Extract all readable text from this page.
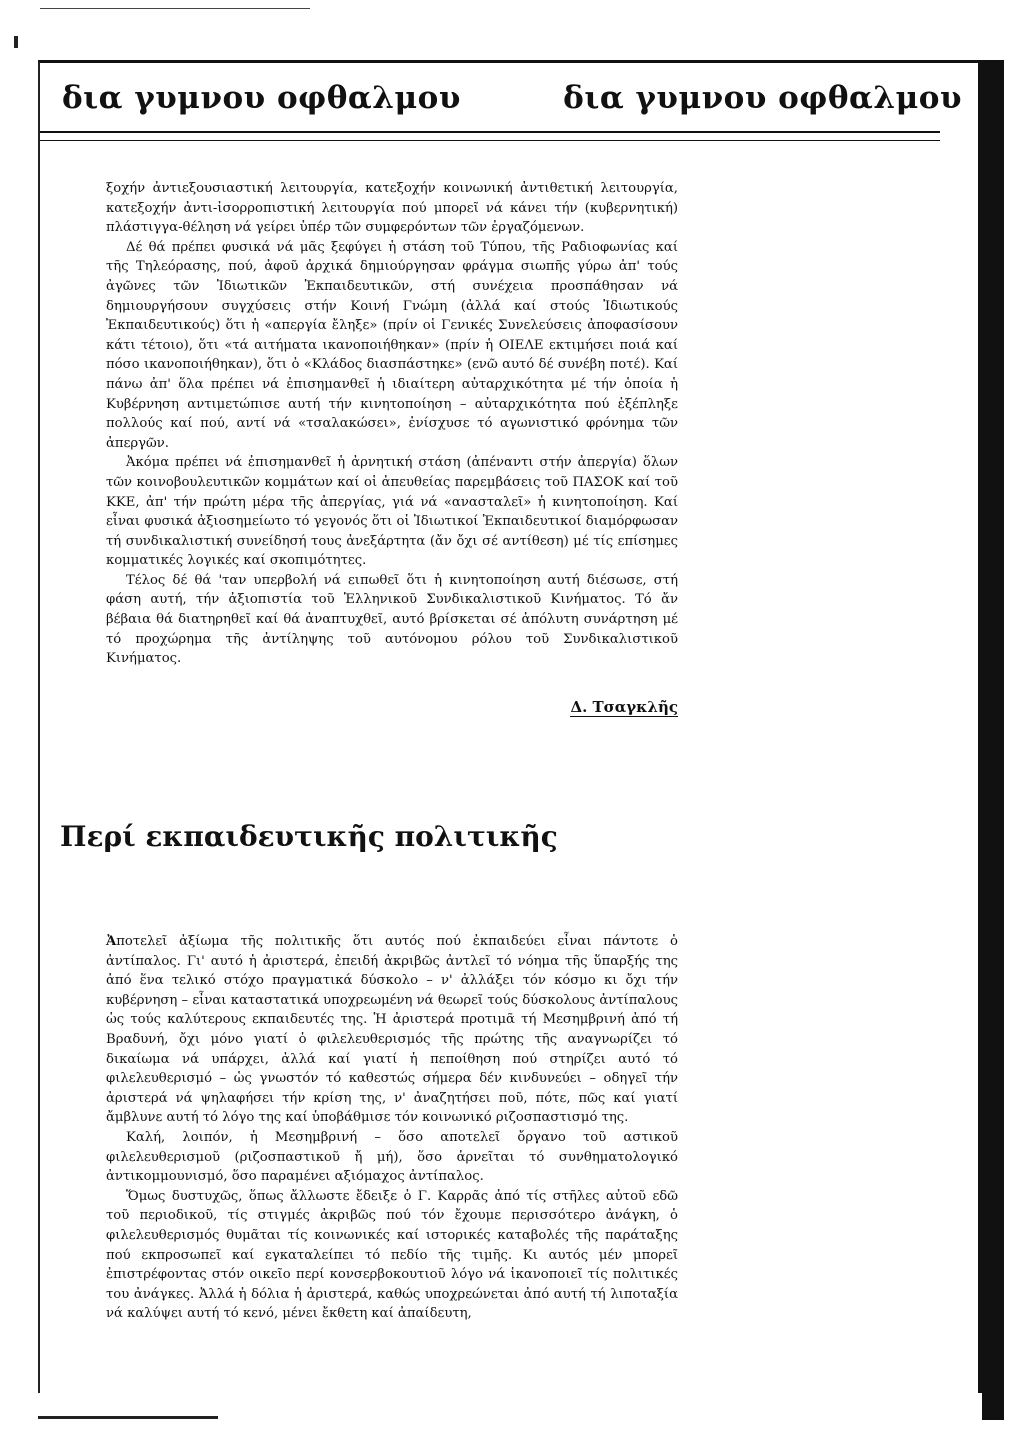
δια γυμνου οφθαλμου	δια γυμνου οφθαλμου

ξοχήν ἀντιεξουσιαστική λειτουργία, κατεξοχήν κοινωνική ἀντιθετική λειτουργία, κατεξοχήν ἀντι-ἰσορροπιστική λειτουργία πού μπορεῖ νά κάνει τήν (κυβερνητική) πλάστιγγα-θέληση νά γείρει ὑπέρ τῶν συμφερόντων τῶν ἐργαζόμενων.

Δέ θά πρέπει φυσικά νά μᾶς ξεφύγει ἡ στάση τοῦ Τύπου, τῆς Ραδιοφωνίας καί τῆς Τηλεόρασης, πού, ἀφοῦ ἀρχικά δημιούργησαν φράγμα σιωπῆς γύρω ἀπ' τούς ἀγῶνες τῶν Ἰδιωτικῶν Ἐκπαιδευτικῶν, στή συνέχεια προσπάθησαν νά δημιουργήσουν συγχύσεις στήν Κοινή Γνώμη (ἀλλά καί στούς Ἰδιωτικούς Ἐκπαιδευτικούς) ὅτι ἡ «απεργία ἔληξε» (πρίν οἱ Γενικές Συνελεύσεις ἀποφασίσουν κάτι τέτοιο), ὅτι «τά αιτήματα ικανοποιήθηκαν» (πρίν ἡ ΟΙΕΛΕ εκτιμήσει ποιά καί πόσο ικανοποιήθηκαν), ὅτι ὁ «Κλάδος διασπάστηκε» (ενῶ αυτό δέ συνέβη ποτέ). Καί πάνω ἀπ' ὅλα πρέπει νά ἐπισημανθεῖ ἡ ιδιαίτερη αὐταρχικότητα μέ τήν ὁποία ἡ Κυβέρνηση αντιμετώπισε αυτή τήν κινητοποίηση – αὐταρχικότητα πού ἐξέπληξε πολλούς καί πού, αντί νά «τσαλακώσει», ἐνίσχυσε τό αγωνιστικό φρόνημα τῶν ἀπεργῶν.

Ἀκόμα πρέπει νά ἐπισημανθεῖ ἡ ἀρνητική στάση (ἀπέναντι στήν ἀπεργία) ὅλων τῶν κοινοβουλευτικῶν κομμάτων καί οἱ ἀπευθείας παρεμβάσεις τοῦ ΠΑΣΟΚ καί τοῦ ΚΚΕ, ἀπ' τήν πρώτη μέρα τῆς ἀπεργίας, γιά νά «ανασταλεῖ» ἡ κινητοποίηση. Καί εἶναι φυσικά ἀξιοσημείωτο τό γεγονός ὅτι οἱ Ἰδιωτικοί Ἐκπαιδευτικοί διαμόρφωσαν τή συνδικαλιστική συνείδησή τους ἀνεξάρτητα (ἄν ὄχι σέ αντίθεση) μέ τίς επίσημες κομματικές λογικές καί σκοπιμότητες.

Τέλος δέ θά 'ταν υπερβολή νά ειπωθεῖ ὅτι ἡ κινητοποίηση αυτή διέσωσε, στή φάση αυτή, τήν ἀξιοπιστία τοῦ Ἑλληνικοῦ Συνδικαλιστικοῦ Κινήματος. Τό ἄν βέβαια θά διατηρηθεῖ καί θά ἀναπτυχθεῖ, αυτό βρίσκεται σέ ἀπόλυτη συνάρτηση μέ τό προχώρημα τῆς ἀντίληψης τοῦ αυτόνομου ρόλου τοῦ Συνδικαλιστικοῦ Κινήματος.

Δ. Τσαγκλῆς
Περί εκπαιδευτικῆς πολιτικῆς

Ἀποτελεῖ ἀξίωμα τῆς πολιτικῆς ὅτι αυτός πού ἐκπαιδεύει εἶναι πάντοτε ὁ ἀντίπαλος. Γι' αυτό ἡ ἀριστερά, ἐπειδή ἀκριβῶς ἀντλεῖ τό νόημα τῆς ὕπαρξής της ἀπό ἕνα τελικό στόχο πραγματικά δύσκολο – ν' ἀλλάξει τόν κόσμο κι ὄχι τήν κυβέρνηση – εἶναι καταστατικά υποχρεωμένη νά θεωρεῖ τούς δύσκολους ἀντίπαλους ὡς τούς καλύτερους εκπαιδευτές της. Ἡ ἀριστερά προτιμᾶ τή Μεσημβρινή ἀπό τή Βραδυνή, ὄχι μόνο γιατί ὁ φιλελευθερισμός τῆς πρώτης τῆς αναγνωρίζει τό δικαίωμα νά υπάρχει, ἀλλά καί γιατί ἡ πεποίθηση πού στηρίζει αυτό τό φιλελευθερισμό – ὡς γνωστόν τό καθεστώς σήμερα δέν κινδυνεύει – οδηγεῖ τήν ἀριστερά νά ψηλαφήσει τήν κρίση της, ν' ἀναζητήσει ποῦ, πότε, πῶς καί γιατί ἄμβλυνε αυτή τό λόγο της καί ὑποβάθμισε τόν κοινωνικό ριζοσπαστισμό της.

Καλή, λοιπόν, ἡ Μεσημβρινή – ὅσο αποτελεῖ ὄργανο τοῦ αστικοῦ φιλελευθερισμοῦ (ριζοσπαστικοῦ ἤ μή), ὅσο ἀρνεῖται τό συνθηματολογικό ἀντικομμουνισμό, ὅσο παραμένει αξιόμαχος ἀντίπαλος.

Ὅμως δυστυχῶς, ὅπως ἄλλωστε ἔδειξε ὁ Γ. Καρρᾶς ἀπό τίς στῆλες αὐτοῦ εδῶ τοῦ περιοδικοῦ, τίς στιγμές ἀκριβῶς πού τόν ἔχουμε περισσότερο ἀνάγκη, ὁ φιλελευθερισμός θυμᾶται τίς κοινωνικές καί ιστορικές καταβολές τῆς παράταξης πού εκπροσωπεῖ καί εγκαταλείπει τό πεδίο τῆς τιμῆς. Κι αυτός μέν μπορεῖ ἐπιστρέφοντας στόν οικεῖο περί κονσερβοκουτιοῦ λόγο νά ἱκανοποιεῖ τίς πολιτικές του ἀνάγκες. Ἀλλά ἡ δόλια ἡ ἀριστερά, καθώς υποχρεώνεται ἀπό αυτή τή λιποταξία νά καλύψει αυτή τό κενό, μένει ἔκθετη καί ἀπαίδευτη,
